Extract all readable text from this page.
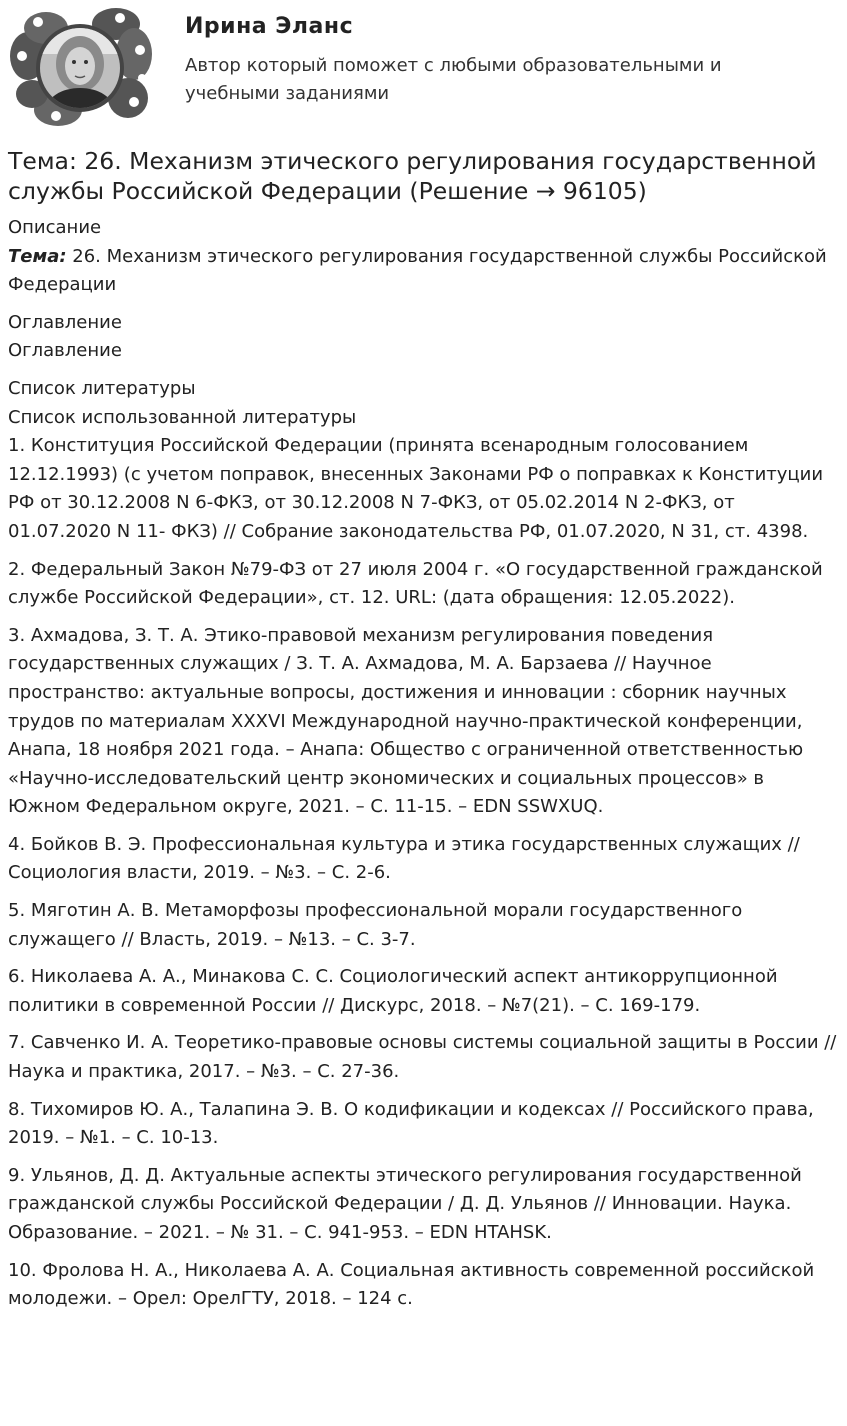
Ирина Эланс
Автор который поможет с любыми образовательными и учебными заданиями
Тема: 26. Механизм этического регулирования государственной службы Российской Федерации (Решение → 96105)
Описание
Тема: 26. Механизм этического регулирования государственной службы Российской Федерации
Оглавление
Оглавление
Список литературы
Список использованной литературы
1. Конституция Российской Федерации (принята всенародным голосованием 12.12.1993) (с учетом поправок, внесенных Законами РФ о поправках к Конституции РФ от 30.12.2008 N 6-ФКЗ, от 30.12.2008 N 7-ФКЗ, от 05.02.2014 N 2-ФКЗ, от 01.07.2020 N 11- ФКЗ) // Собрание законодательства РФ, 01.07.2020, N 31, ст. 4398.
2. Федеральный Закон №79-ФЗ от 27 июля 2004 г. «О государственной гражданской службе Российской Федерации», ст. 12. URL: (дата обращения: 12.05.2022).
3. Ахмадова, З. Т. А. Этико-правовой механизм регулирования поведения государственных служащих / З. Т. А. Ахмадова, М. А. Барзаева // Научное пространство: актуальные вопросы, достижения и инновации : сборник научных трудов по материалам XXXVI Международной научно-практической конференции, Анапа, 18 ноября 2021 года. – Анапа: Общество с ограниченной ответственностью «Научно-исследовательский центр экономических и социальных процессов» в Южном Федеральном округе, 2021. – С. 11-15. – EDN SSWXUQ.
4. Бойков В. Э. Профессиональная культура и этика государственных служащих // Социология власти, 2019. – №3. – С. 2-6.
5. Мяготин А. В. Метаморфозы профессиональной морали государственного служащего // Власть, 2019. – №13. – С. 3-7.
6. Николаева А. А., Минакова С. С. Социологический аспект антикоррупционной политики в современной России // Дискурс, 2018. – №7(21). – С. 169-179.
7. Савченко И. А. Теоретико-правовые основы системы социальной защиты в России // Наука и практика, 2017. – №3. – С. 27-36.
8. Тихомиров Ю. А., Талапина Э. В. О кодификации и кодексах // Российского права, 2019. – №1. – С. 10-13.
9. Ульянов, Д. Д. Актуальные аспекты этического регулирования государственной гражданской службы Российской Федерации / Д. Д. Ульянов // Инновации. Наука. Образование. – 2021. – № 31. – С. 941-953. – EDN HTAHSK.
10. Фролова Н. А., Николаева А. А. Социальная активность современной российской молодежи. – Орел: ОрелГТУ, 2018. – 124 с.
